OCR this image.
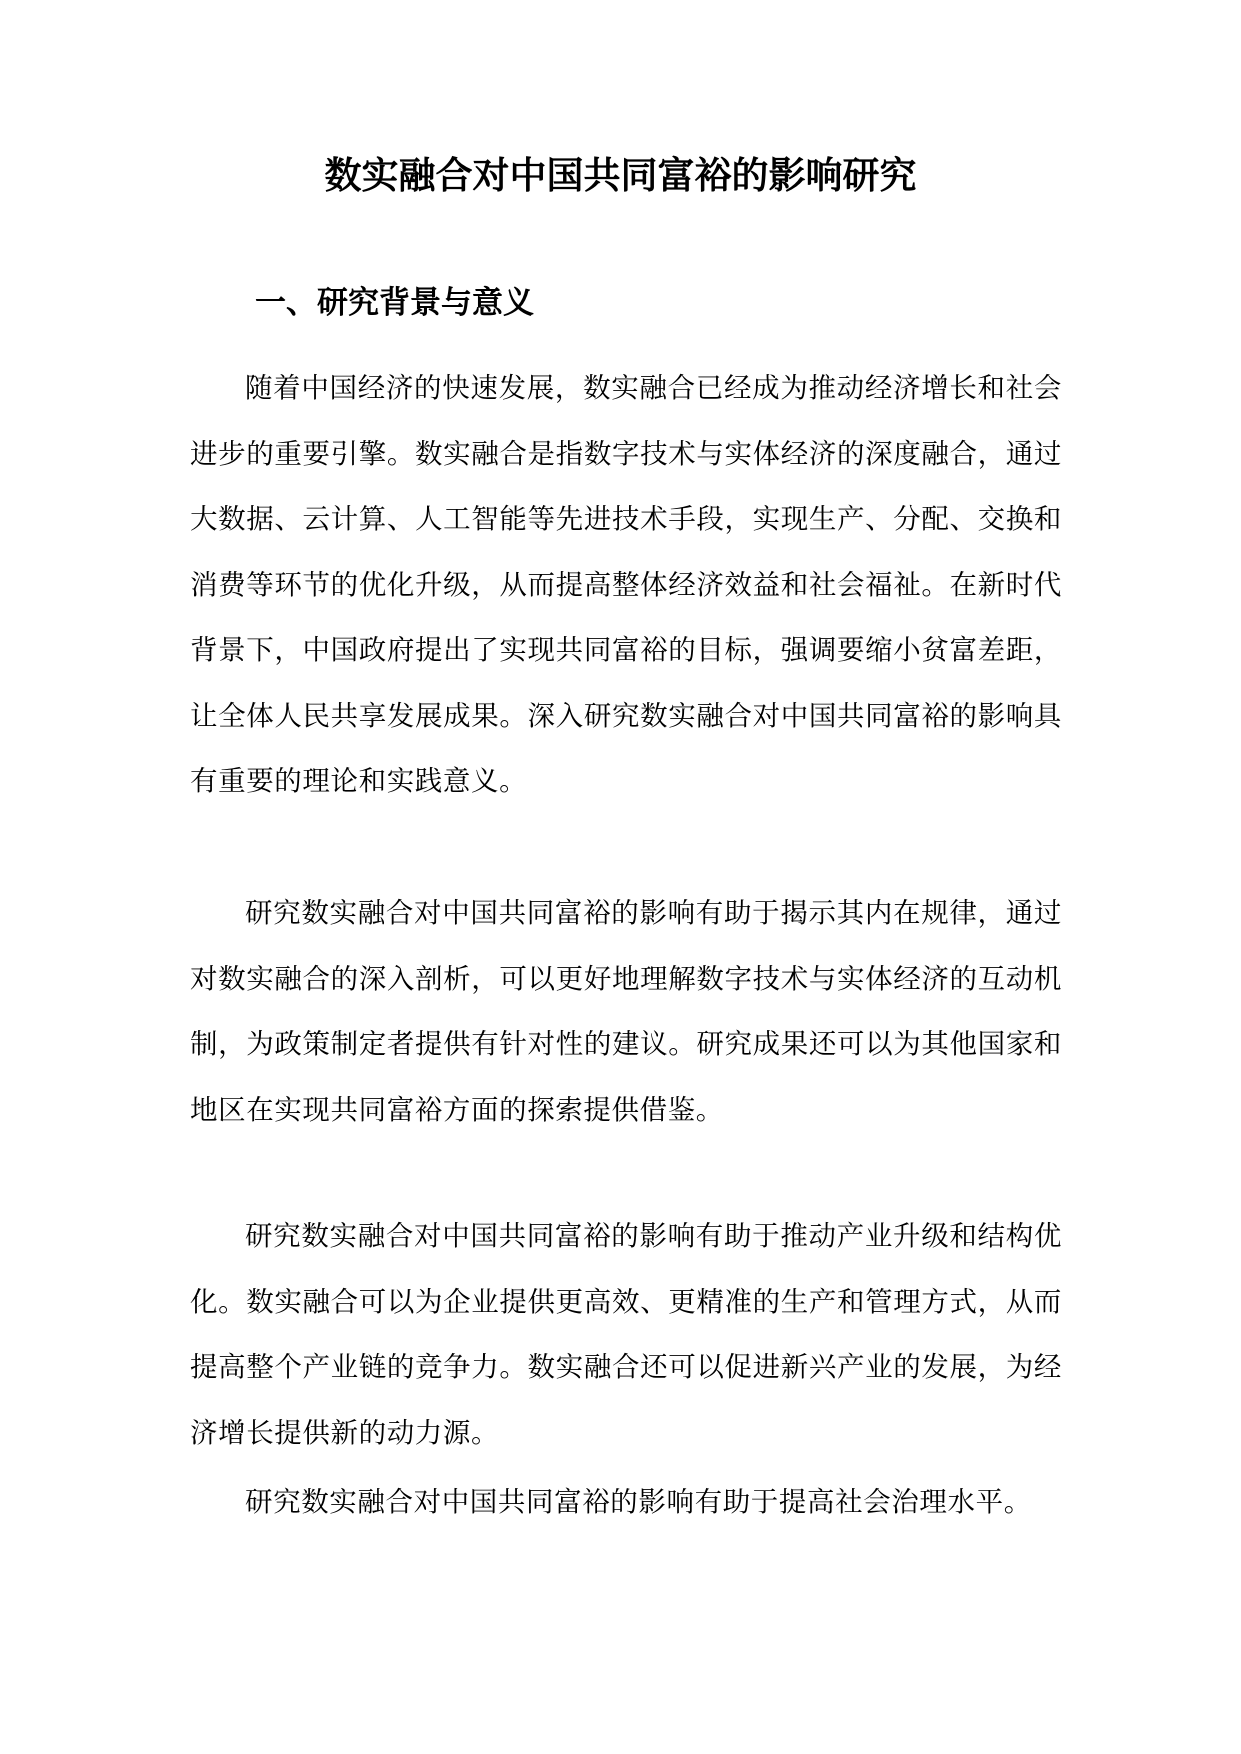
数实融合对中国共同富裕的影响研究
一、研究背景与意义

随着中国经济的快速发展，数实融合已经成为推动经济增长和社会进步的重要引擎。数实融合是指数字技术与实体经济的深度融合，通过大数据、云计算、人工智能等先进技术手段，实现生产、分配、交换和消费等环节的优化升级，从而提高整体经济效益和社会福祉。在新时代背景下，中国政府提出了实现共同富裕的目标，强调要缩小贫富差距，让全体人民共享发展成果。深入研究数实融合对中国共同富裕的影响具有重要的理论和实践意义。

研究数实融合对中国共同富裕的影响有助于揭示其内在规律，通过对数实融合的深入剖析，可以更好地理解数字技术与实体经济的互动机制，为政策制定者提供有针对性的建议。研究成果还可以为其他国家和地区在实现共同富裕方面的探索提供借鉴。

研究数实融合对中国共同富裕的影响有助于推动产业升级和结构优化。数实融合可以为企业提供更高效、更精准的生产和管理方式，从而提高整个产业链的竞争力。数实融合还可以促进新兴产业的发展，为经济增长提供新的动力源。

研究数实融合对中国共同富裕的影响有助于提高社会治理水平。
